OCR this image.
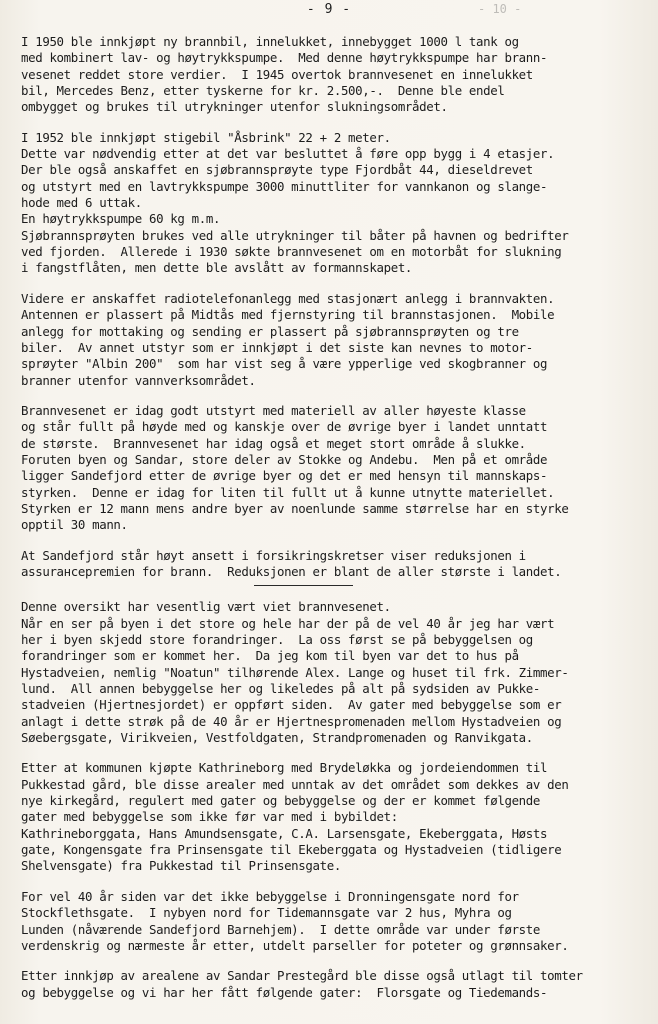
- 10 -
- 9 -
I 1950 ble innkjøpt ny brannbil, innelukket, innebygget 1000 l tank og
med kombinert lav- og høytrykkspumpe.  Med denne høytrykkspumpe har brann-
vesenet reddet store verdier.  I 1945 overtok brannvesenet en innelukket
bil, Mercedes Benz, etter tyskerne for kr. 2.500,-.  Denne ble endel
ombygget og brukes til utrykninger utenfor slukningsområdet.
I 1952 ble innkjøpt stigebil "Åsbrink" 22 + 2 meter.
Dette var nødvendig etter at det var besluttet å føre opp bygg i 4 etasjer.
Der ble også anskaffet en sjøbrannsprøyte type Fjordbåt 44, dieseldrevet
og utstyrt med en lavtrykkspumpe 3000 minuttliter for vannkanon og slange-
hode med 6 uttak.
En høytrykkspumpe 60 kg m.m.
Sjøbrannsprøyten brukes ved alle utrykninger til båter på havnen og bedrifter
ved fjorden.  Allerede i 1930 søkte brannvesenet om en motorbåt for slukning
i fangstflåten, men dette ble avslått av formannskapet.
Videre er anskaffet radiotelefonanlegg med stasjonært anlegg i brannvakten.
Antennen er plassert på Midtås med fjernstyring til brannstasjonen.  Mobile
anlegg for mottaking og sending er plassert på sjøbrannsprøyten og tre
biler.  Av annet utstyr som er innkjøpt i det siste kan nevnes to motor-
sprøyter "Albin 200"  som har vist seg å være ypperlige ved skogbranner og
branner utenfor vannverksområdet.
Brannvesenet er idag godt utstyrt med materiell av aller høyeste klasse
og står fullt på høyde med og kanskje over de øvrige byer i landet unntatt
de største.  Brannvesenet har idag også et meget stort område å slukke.
Foruten byen og Sandar, store deler av Stokke og Andebu.  Men på et område
ligger Sandefjord etter de øvrige byer og det er med hensyn til mannskaps-
styrken.  Denne er idag for liten til fullt ut å kunne utnytte materiellet.
Styrken er 12 mann mens andre byer av noenlunde samme størrelse har en styrke
opptil 30 mann.
At Sandefjord står høyt ansett i forsikringskretser viser reduksjonen i
assurансepremien for brann.  Reduksjonen er blant de aller største i landet.
Denne oversikt har vesentlig vært viet brannvesenet.
Når en ser på byen i det store og hele har der på de vel 40 år jeg har vært
her i byen skjedd store forandringer.  La oss først se på bebyggelsen og
forandringer som er kommet her.  Da jeg kom til byen var det to hus på
Hystadveien, nemlig "Noatun" tilhørende Alex. Lange og huset til frk. Zimmer-
lund.  All annen bebyggelse her og likeledes på alt på sydsiden av Pukke-
stadveien (Hjertnesjordet) er oppført siden.  Av gater med bebyggelse som er
anlagt i dette strøk på de 40 år er Hjertnespromenaden mellom Hystadveien og
Søebergsgate, Virikveien, Vestfoldgaten, Strandpromenaden og Ranvikgata.
Etter at kommunen kjøpte Kathrineborg med Brydeløkka og jordeiendommen til
Pukkestad gård, ble disse arealer med unntak av det området som dekkes av den
nye kirkegård, regulert med gater og bebyggelse og der er kommet følgende
gater med bebyggelse som ikke før var med i bybildet:
Kathrineborggata, Hans Amundsensgate, C.A. Larsensgate, Ekeberggata, Høsts
gate, Kongensgate fra Prinsensgate til Ekeberggata og Hystadveien (tidligere
Shelvensgate) fra Pukkestad til Prinsensgate.
For vel 40 år siden var det ikke bebyggelse i Dronningensgate nord for
Stockflethsgate.  I nybyen nord for Tidemannsgate var 2 hus, Myhra og
Lunden (nåværende Sandefjord Barnehjem).  I dette område var under første
verdenskrig og nærmeste år etter, utdelt parseller for poteter og grønnsaker.
Etter innkjøp av arealene av Sandar Prestegård ble disse også utlagt til tomter
og bebyggelse og vi har her fått følgende gater:  Florsgate og Tiedemands-
